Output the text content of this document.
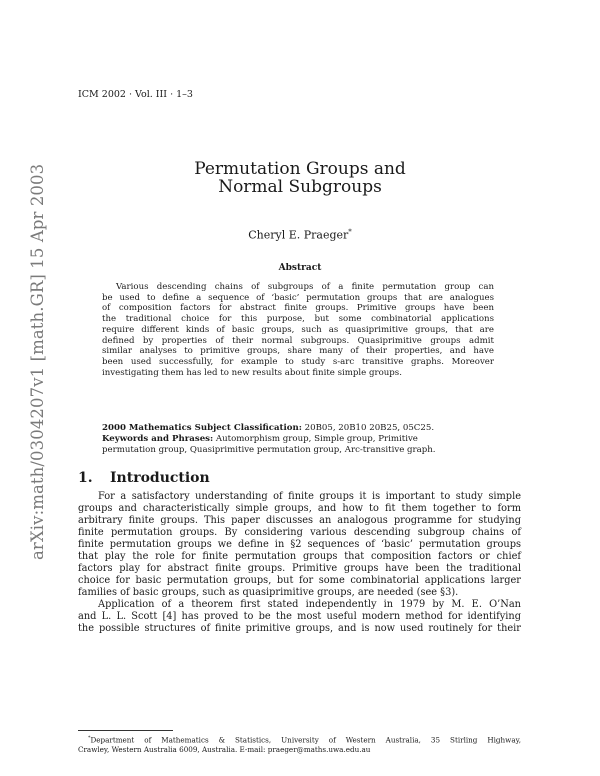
ICM 2002 · Vol. III · 1–3
arXiv:math/0304207v1 [math.GR] 15 Apr 2003	Permutation Groups and
Normal Subgroups
Cheryl E. Praeger*
Abstract
Various descending chains of subgroups of a finite permutation group can
be used to define a sequence of ‘basic’ permutation groups that are analogues
of composition factors for abstract finite groups. Primitive groups have been
the traditional choice for this purpose, but some combinatorial applications
require different kinds of basic groups, such as quasiprimitive groups, that are
defined by properties of their normal subgroups. Quasiprimitive groups admit
similar analyses to primitive groups, share many of their properties, and have
been used successfully, for example to study s-arc transitive graphs. Moreover
investigating them has led to new results about finite simple groups.
2000 Mathematics Subject Classification: 20B05, 20B10 20B25, 05C25.
Keywords and Phrases: Automorphism group, Simple group, Primitive
permutation group, Quasiprimitive permutation group, Arc-transitive graph.
1. Introduction
For a satisfactory understanding of finite groups it is important to study simple
groups and characteristically simple groups, and how to fit them together to form
arbitrary finite groups. This paper discusses an analogous programme for studying
finite permutation groups. By considering various descending subgroup chains of
finite permutation groups we define in §2 sequences of ‘basic’ permutation groups
that play the role for finite permutation groups that composition factors or chief
factors play for abstract finite groups. Primitive groups have been the traditional
choice for basic permutation groups, but for some combinatorial applications larger
families of basic groups, such as quasiprimitive groups, are needed (see §3).
Application of a theorem first stated independently in 1979 by M. E. O’Nan
and L. L. Scott [4] has proved to be the most useful modern method for identifying
the possible structures of finite primitive groups, and is now used routinely for their
*Department of Mathematics & Statistics, University of Western Australia, 35 Stirling Highway,
Crawley, Western Australia 6009, Australia. E-mail: praeger@maths.uwa.edu.au
